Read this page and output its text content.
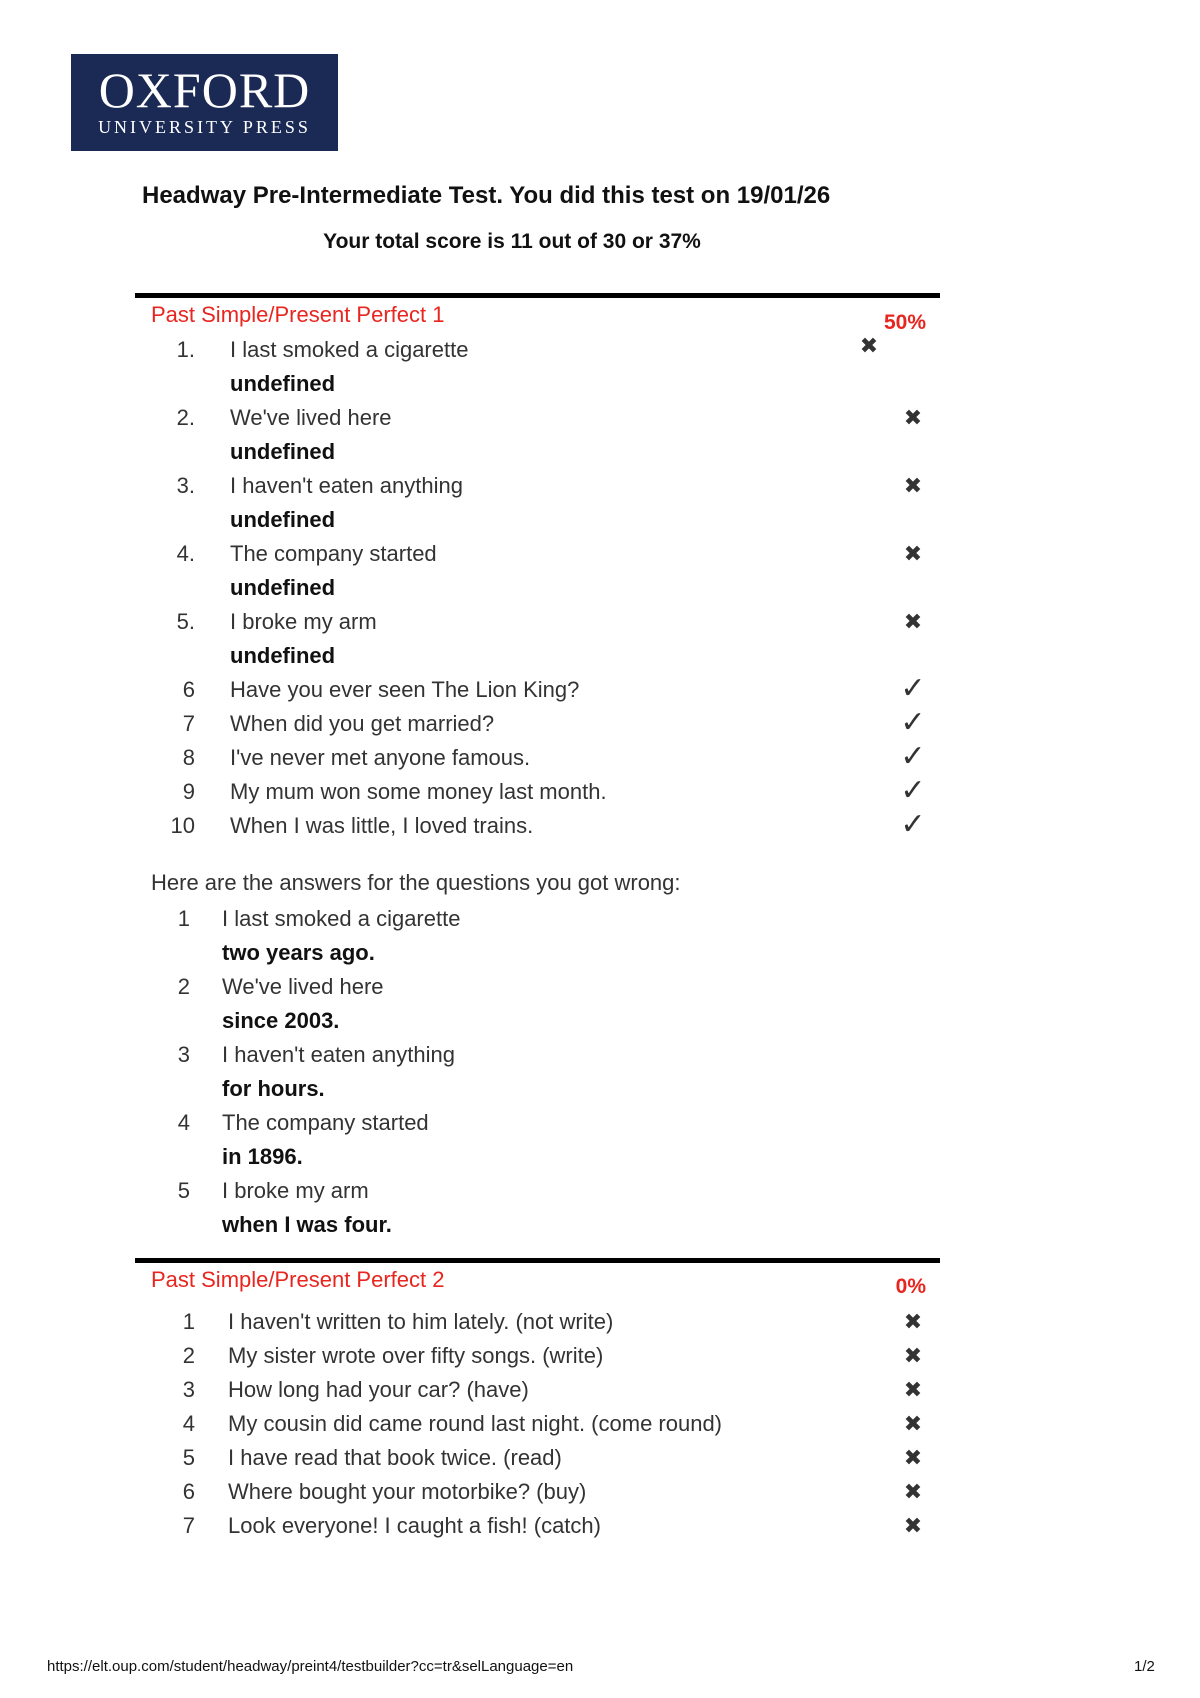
OXFORD
UNIVERSITY PRESS
Headway Pre-Intermediate Test. You did this test on 19/01/26
Your total score is 11 out of 30 or 37%
Past Simple/Present Perfect 1	50%
1. I last smoked a cigarette	✖
undefined
2. We've lived here	✖
undefined
3. I haven't eaten anything	✖
undefined
4. The company started	✖
undefined
5. I broke my arm	✖
undefined
6 Have you ever seen The Lion King?	✓
7 When did you get married?	✓
8 I've never met anyone famous.	✓
9 My mum won some money last month.	✓
10 When I was little, I loved trains.	✓
Here are the answers for the questions you got wrong:
1 I last smoked a cigarette
two years ago.
2 We've lived here
since 2003.
3 I haven't eaten anything
for hours.
4 The company started
in 1896.
5 I broke my arm
when I was four.
Past Simple/Present Perfect 2	0%
1 I haven't written to him lately. (not write)	✖
2 My sister wrote over fifty songs. (write)	✖
3 How long had your car? (have)	✖
4 My cousin did came round last night. (come round)	✖
5 I have read that book twice. (read)	✖
6 Where bought your motorbike? (buy)	✖
7 Look everyone! I caught a fish! (catch)	✖
https://elt.oup.com/student/headway/preint4/testbuilder?cc=tr&selLanguage=en	1/2
